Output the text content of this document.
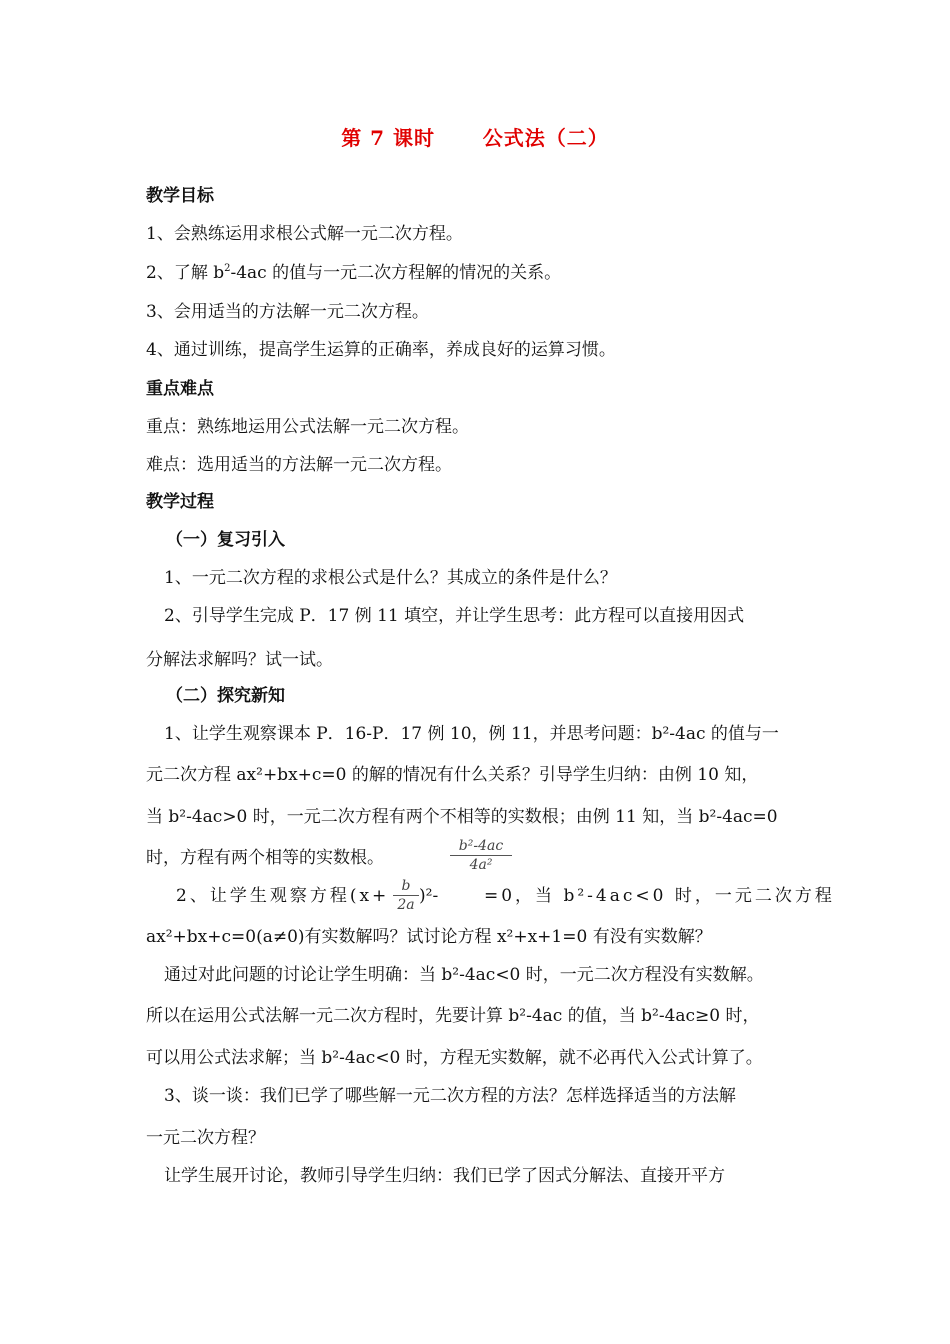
第 7 课时      公式法（二）
教学目标
1、会熟练运用求根公式解一元二次方程。
2、了解 $b^2-4ac$ 的值与一元二次方程解的情况的关系。
3、会用适当的方法解一元二次方程。
4、通过训练，提高学生运算的正确率，养成良好的运算习惯。
重点难点
重点：熟练地运用公式法解一元二次方程。
难点：选用适当的方法解一元二次方程。
教学过程
（一）复习引入
1、一元二次方程的求根公式是什么？其成立的条件是什么？
2、引导学生完成 P．17 例 11 填空，并让学生思考：此方程可以直接用因式
分解法求解吗？试一试。
（二）探究新知
1、让学生观察课本 P．16-P．17 例 10，例 11，并思考问题：b²-4ac 的值与一
元二次方程 ax²+bx+c=0 的解的情况有什么关系？引导学生归纳：由例 10 知，
当 b²-4ac>0 时，一元二次方程有两个不相等的实数根；由例 11 知，当 b²-4ac=0
时，方程有两个相等的实数根。	$\frac{\text{b²-4ac}}{\text{4a²}}$
2、让学生观察方程$(x+ \frac{b}{2a} )^2-$	=0，当 b²-4ac<0 时，一元二次方程
ax²+bx+c=0(a≠0)有实数解吗？试讨论方程 x²+x+1=0 有没有实数解？
通过对此问题的讨论让学生明确：当 b²-4ac<0 时，一元二次方程没有实数解。
所以在运用公式法解一元二次方程时，先要计算 b²-4ac 的值，当 b²-4ac≥0 时，
可以用公式法求解；当 b²-4ac<0 时，方程无实数解，就不必再代入公式计算了。
3、谈一谈：我们已学了哪些解一元二次方程的方法？怎样选择适当的方法解
一元二次方程？
让学生展开讨论，教师引导学生归纳：我们已学了因式分解法、直接开平方
